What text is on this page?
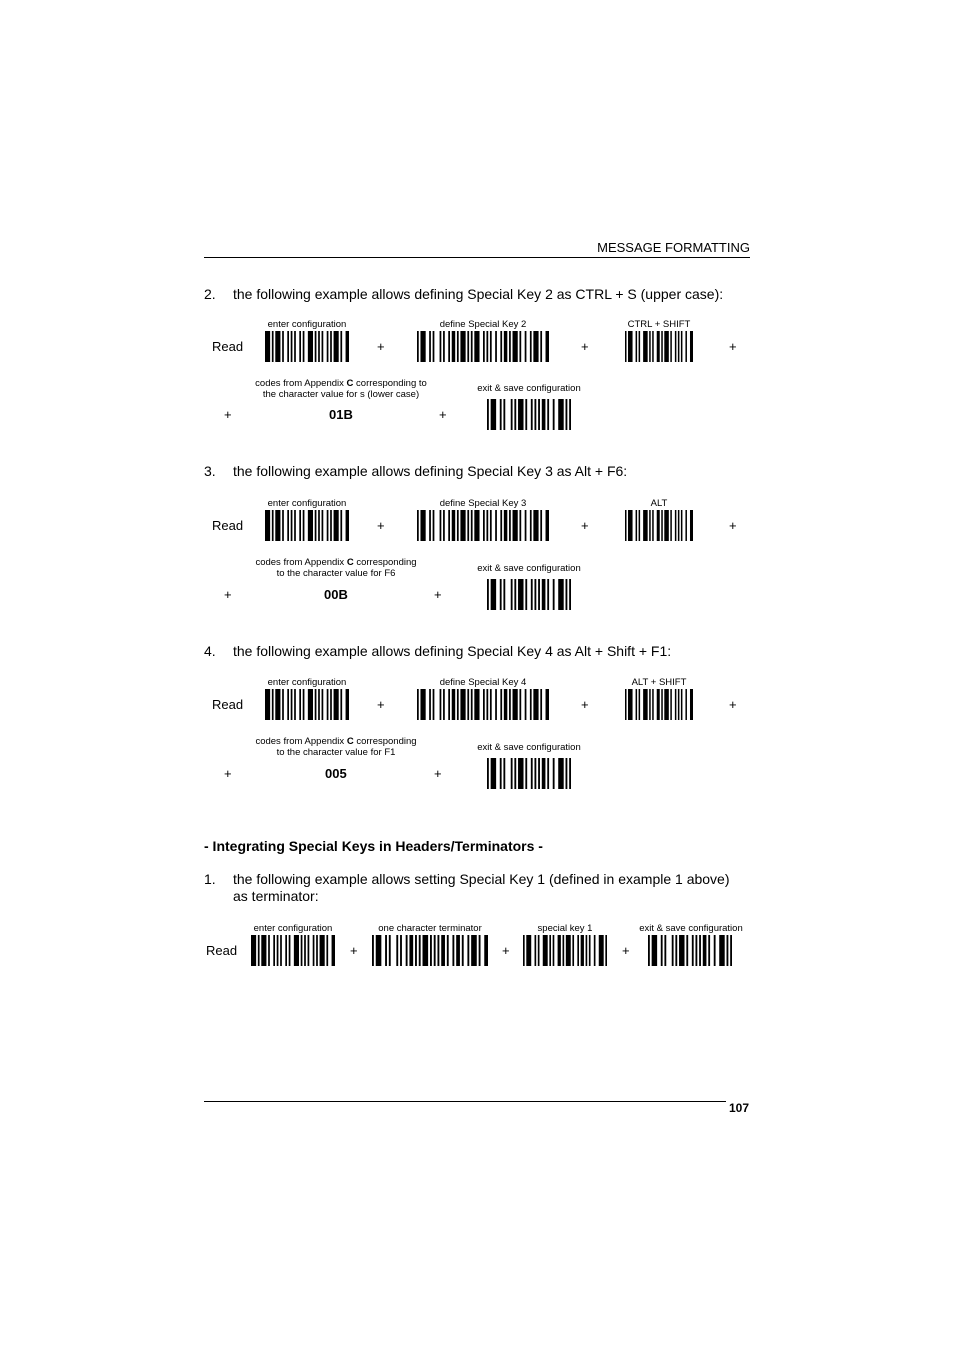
MESSAGE FORMATTING
2. the following example allows defining Special Key 2 as CTRL + S (upper case):
enter configuration	define Special Key 2	CTRL + SHIFT
Read	+	+	+
codes from Appendix C corresponding to
the character value for s (lower case)
exit & save configuration
+	01B	+
3. the following example allows defining Special Key 3 as Alt + F6:
enter configuration	define Special Key 3	ALT
Read	+	+	+
codes from Appendix C corresponding
to the character value for F6	exit & save configuration
+	00B	+
4. the following example allows defining Special Key 4 as Alt + Shift + F1:
enter configuration	define Special Key 4	ALT + SHIFT
Read	+	+	+
codes from Appendix C corresponding
to the character value for F1	exit & save configuration
+	005	+
- Integrating Special Keys in Headers/Terminators -
1. the following example allows setting Special Key 1 (defined in example 1 above)
as terminator:
enter configuration	one character terminator	special key 1	exit & save configuration
Read	+	+	+
107
